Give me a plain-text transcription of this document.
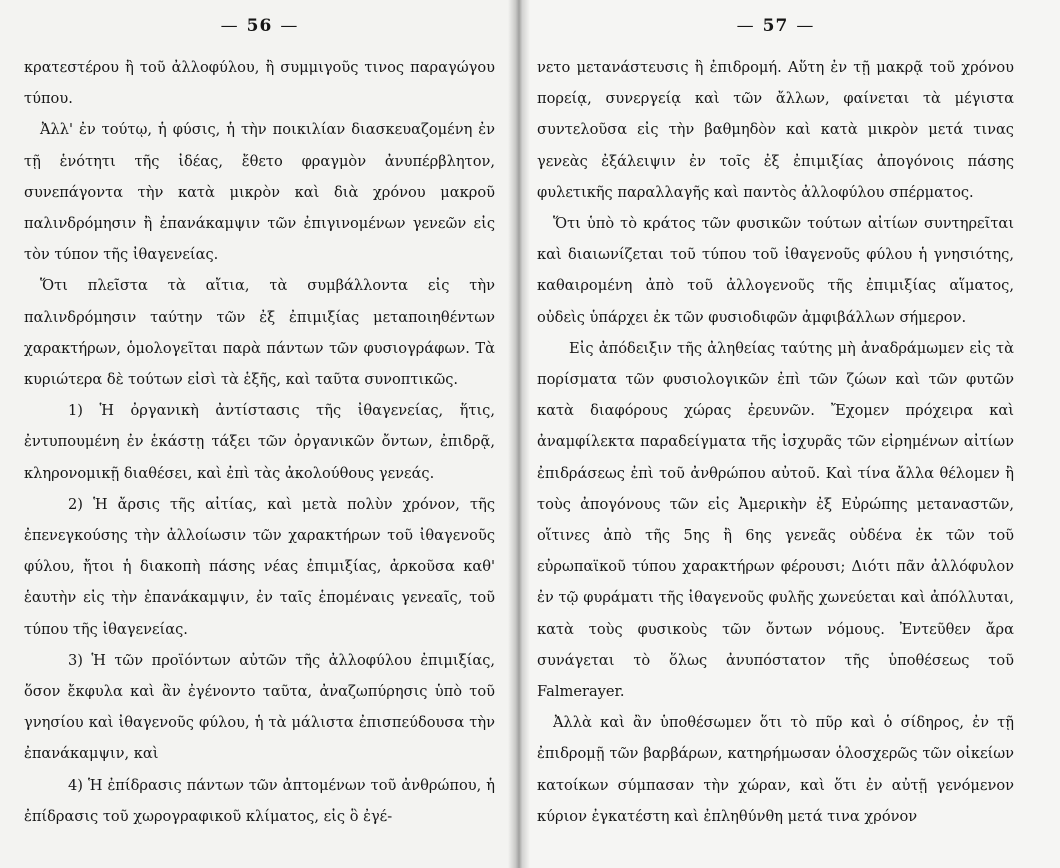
— 56 —

κρατεστέρου ἢ τοῦ ἀλλοφύλου, ἢ συμμιγοῦς τινος παραγώγου τύπου.

Ἀλλ' ἐν τούτῳ, ἡ φύσις, ἡ τὴν ποικιλίαν διασκευαζομένη ἐν τῇ ἑνότητι τῆς ἰδέας, ἔθετο φραγμὸν ἀνυπέρβλητον, συνεπάγοντα τὴν κατὰ μικρὸν καὶ διὰ χρόνου μακροῦ παλινδρόμησιν ἢ ἐπανάκαμψιν τῶν ἐπιγινομένων γενεῶν εἰς τὸν τύπον τῆς ἰθαγενείας.

Ὅτι πλεῖστα τὰ αἴτια, τὰ συμβάλλοντα εἰς τὴν παλινδρόμησιν ταύτην τῶν ἐξ ἐπιμιξίας μεταποιηθέντων χαρακτήρων, ὁμολογεῖται παρὰ πάντων τῶν φυσιογράφων. Τὰ κυριώτερα δὲ τούτων εἰσὶ τὰ ἑξῆς, καὶ ταῦτα συνοπτικῶς.

1) Ἡ ὀργανικὴ ἀντίστασις τῆς ἰθαγενείας, ἥτις, ἐντυπουμένη ἐν ἑκάστῃ τάξει τῶν ὀργανικῶν ὄντων, ἐπιδρᾷ, κληρονομικῇ διαθέσει, καὶ ἐπὶ τὰς ἀκολούθους γενεάς.

2) Ἡ ἄρσις τῆς αἰτίας, καὶ μετὰ πολὺν χρόνον, τῆς ἐπενεγκούσης τὴν ἀλλοίωσιν τῶν χαρακτήρων τοῦ ἰθαγενοῦς φύλου, ἤτοι ἡ διακοπὴ πάσης νέας ἐπιμιξίας, ἀρκοῦσα καθ' ἑαυτὴν εἰς τὴν ἐπανάκαμψιν, ἐν ταῖς ἑπομέναις γενεαῖς, τοῦ τύπου τῆς ἰθαγενείας.

3) Ἡ τῶν προϊόντων αὐτῶν τῆς ἀλλοφύλου ἐπιμιξίας, ὅσον ἔκφυλα καὶ ἂν ἐγένοντο ταῦτα, ἀναζωπύρησις ὑπὸ τοῦ γνησίου καὶ ἰθαγενοῦς φύλου, ἡ τὰ μάλιστα ἐπισπεύδουσα τὴν ἐπανάκαμψιν, καὶ

4) Ἡ ἐπίδρασις πάντων τῶν ἀπτομένων τοῦ ἀνθρώπου, ἡ ἐπίδρασις τοῦ χωρογραφικοῦ κλίματος, εἰς ὃ ἐγέ-

— 57 —

νετο μετανάστευσις ἢ ἐπιδρομή. Αὕτη ἐν τῇ μακρᾷ τοῦ χρόνου πορείᾳ, συνεργείᾳ καὶ τῶν ἄλλων, φαίνεται τὰ μέγιστα συντελοῦσα εἰς τὴν βαθμηδὸν καὶ κατὰ μικρὸν μετά τινας γενεὰς ἐξάλειψιν ἐν τοῖς ἐξ ἐπιμιξίας ἀπογόνοις πάσης φυλετικῆς παραλλαγῆς καὶ παντὸς ἀλλοφύλου σπέρματος.

Ὅτι ὑπὸ τὸ κράτος τῶν φυσικῶν τούτων αἰτίων συντηρεῖται καὶ διαιωνίζεται τοῦ τύπου τοῦ ἰθαγενοῦς φύλου ἡ γνησιότης, καθαιρομένη ἀπὸ τοῦ ἀλλογενοῦς τῆς ἐπιμιξίας αἵματος, οὐδεὶς ὑπάρχει ἐκ τῶν φυσιοδιφῶν ἀμφιβάλλων σήμερον.

Εἰς ἀπόδειξιν τῆς ἀληθείας ταύτης μὴ ἀναδράμωμεν εἰς τὰ πορίσματα τῶν φυσιολογικῶν ἐπὶ τῶν ζώων καὶ τῶν φυτῶν κατὰ διαφόρους χώρας ἐρευνῶν. Ἔχομεν πρόχειρα καὶ ἀναμφίλεκτα παραδείγματα τῆς ἰσχυρᾶς τῶν εἰρημένων αἰτίων ἐπιδράσεως ἐπὶ τοῦ ἀνθρώπου αὐτοῦ. Καὶ τίνα ἄλλα θέλομεν ἢ τοὺς ἀπογόνους τῶν εἰς Ἀμερικὴν ἐξ Εὐρώπης μεταναστῶν, οἵτινες ἀπὸ τῆς 5ης ἢ 6ης γενεᾶς οὐδένα ἐκ τῶν τοῦ εὐρωπαϊκοῦ τύπου χαρακτήρων φέρουσι; Διότι πᾶν ἀλλόφυλον ἐν τῷ φυράματι τῆς ἰθαγενοῦς φυλῆς χωνεύεται καὶ ἀπόλλυται, κατὰ τοὺς φυσικοὺς τῶν ὄντων νόμους. Ἐντεῦθεν ἄρα συνάγεται τὸ ὅλως ἀνυπόστατον τῆς ὑποθέσεως τοῦ Falmerayer.

Ἀλλὰ καὶ ἂν ὑποθέσωμεν ὅτι τὸ πῦρ καὶ ὁ σίδηρος, ἐν τῇ ἐπιδρομῇ τῶν βαρβάρων, κατηρήμωσαν ὁλοσχερῶς τῶν οἰκείων κατοίκων σύμπασαν τὴν χώραν, καὶ ὅτι ἐν αὐτῇ γενόμενον κύριον ἐγκατέστη καὶ ἐπληθύνθη μετά τινα χρόνον
